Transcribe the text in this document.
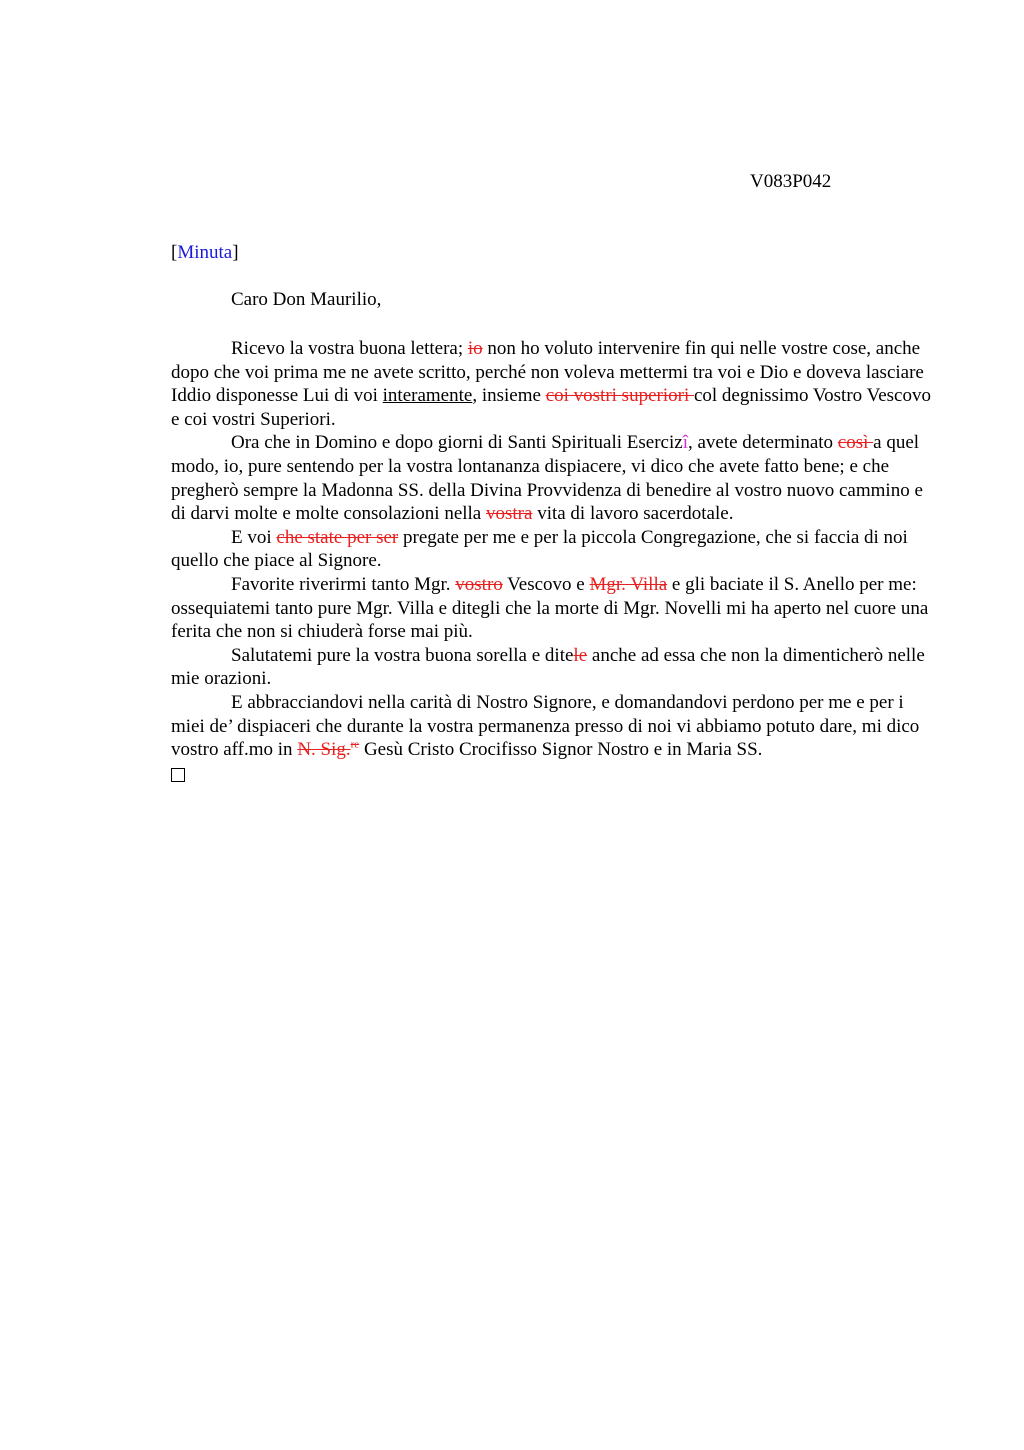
V083P042
[Minuta]
Caro Don Maurilio,

Ricevo la vostra buona lettera; io non ho voluto intervenire fin qui nelle vostre cose, anche dopo che voi prima me ne avete scritto, perché non voleva mettermi tra voi e Dio e doveva lasciare Iddio disponesse Lui di voi interamente, insieme coi vostri superiori col degnissimo Vostro Vescovo e coi vostri Superiori.

Ora che in Domino e dopo giorni di Santi Spirituali Esercizî, avete determinato così a quel modo, io, pure sentendo per la vostra lontananza dispiacere, vi dico che avete fatto bene; e che pregherò sempre la Madonna SS. della Divina Provvidenza di benedire al vostro nuovo cammino e di darvi molte e molte consolazioni nella vostra vita di lavoro sacerdotale.

E voi che state per ser pregate per me e per la piccola Congregazione, che si faccia di noi quello che piace al Signore.

Favorite riverirmi tanto Mgr. vostro Vescovo e Mgr. Villa e gli baciate il S. Anello per me: ossequiatemi tanto pure Mgr. Villa e ditegli che la morte di Mgr. Novelli mi ha aperto nel cuore una ferita che non si chiuderà forse mai più.

Salutatemi pure la vostra buona sorella e ditele anche ad essa che non la dimenticherò nelle mie orazioni.

E abbracciandovi nella carità di Nostro Signore, e domandandovi perdono per me e per i miei de’ dispiaceri che durante la vostra permanenza presso di noi vi abbiamo potuto dare, mi dico vostro aff.mo in N. Sig.$^{re}$ Gesù Cristo Crocifisso Signor Nostro e in Maria SS.
